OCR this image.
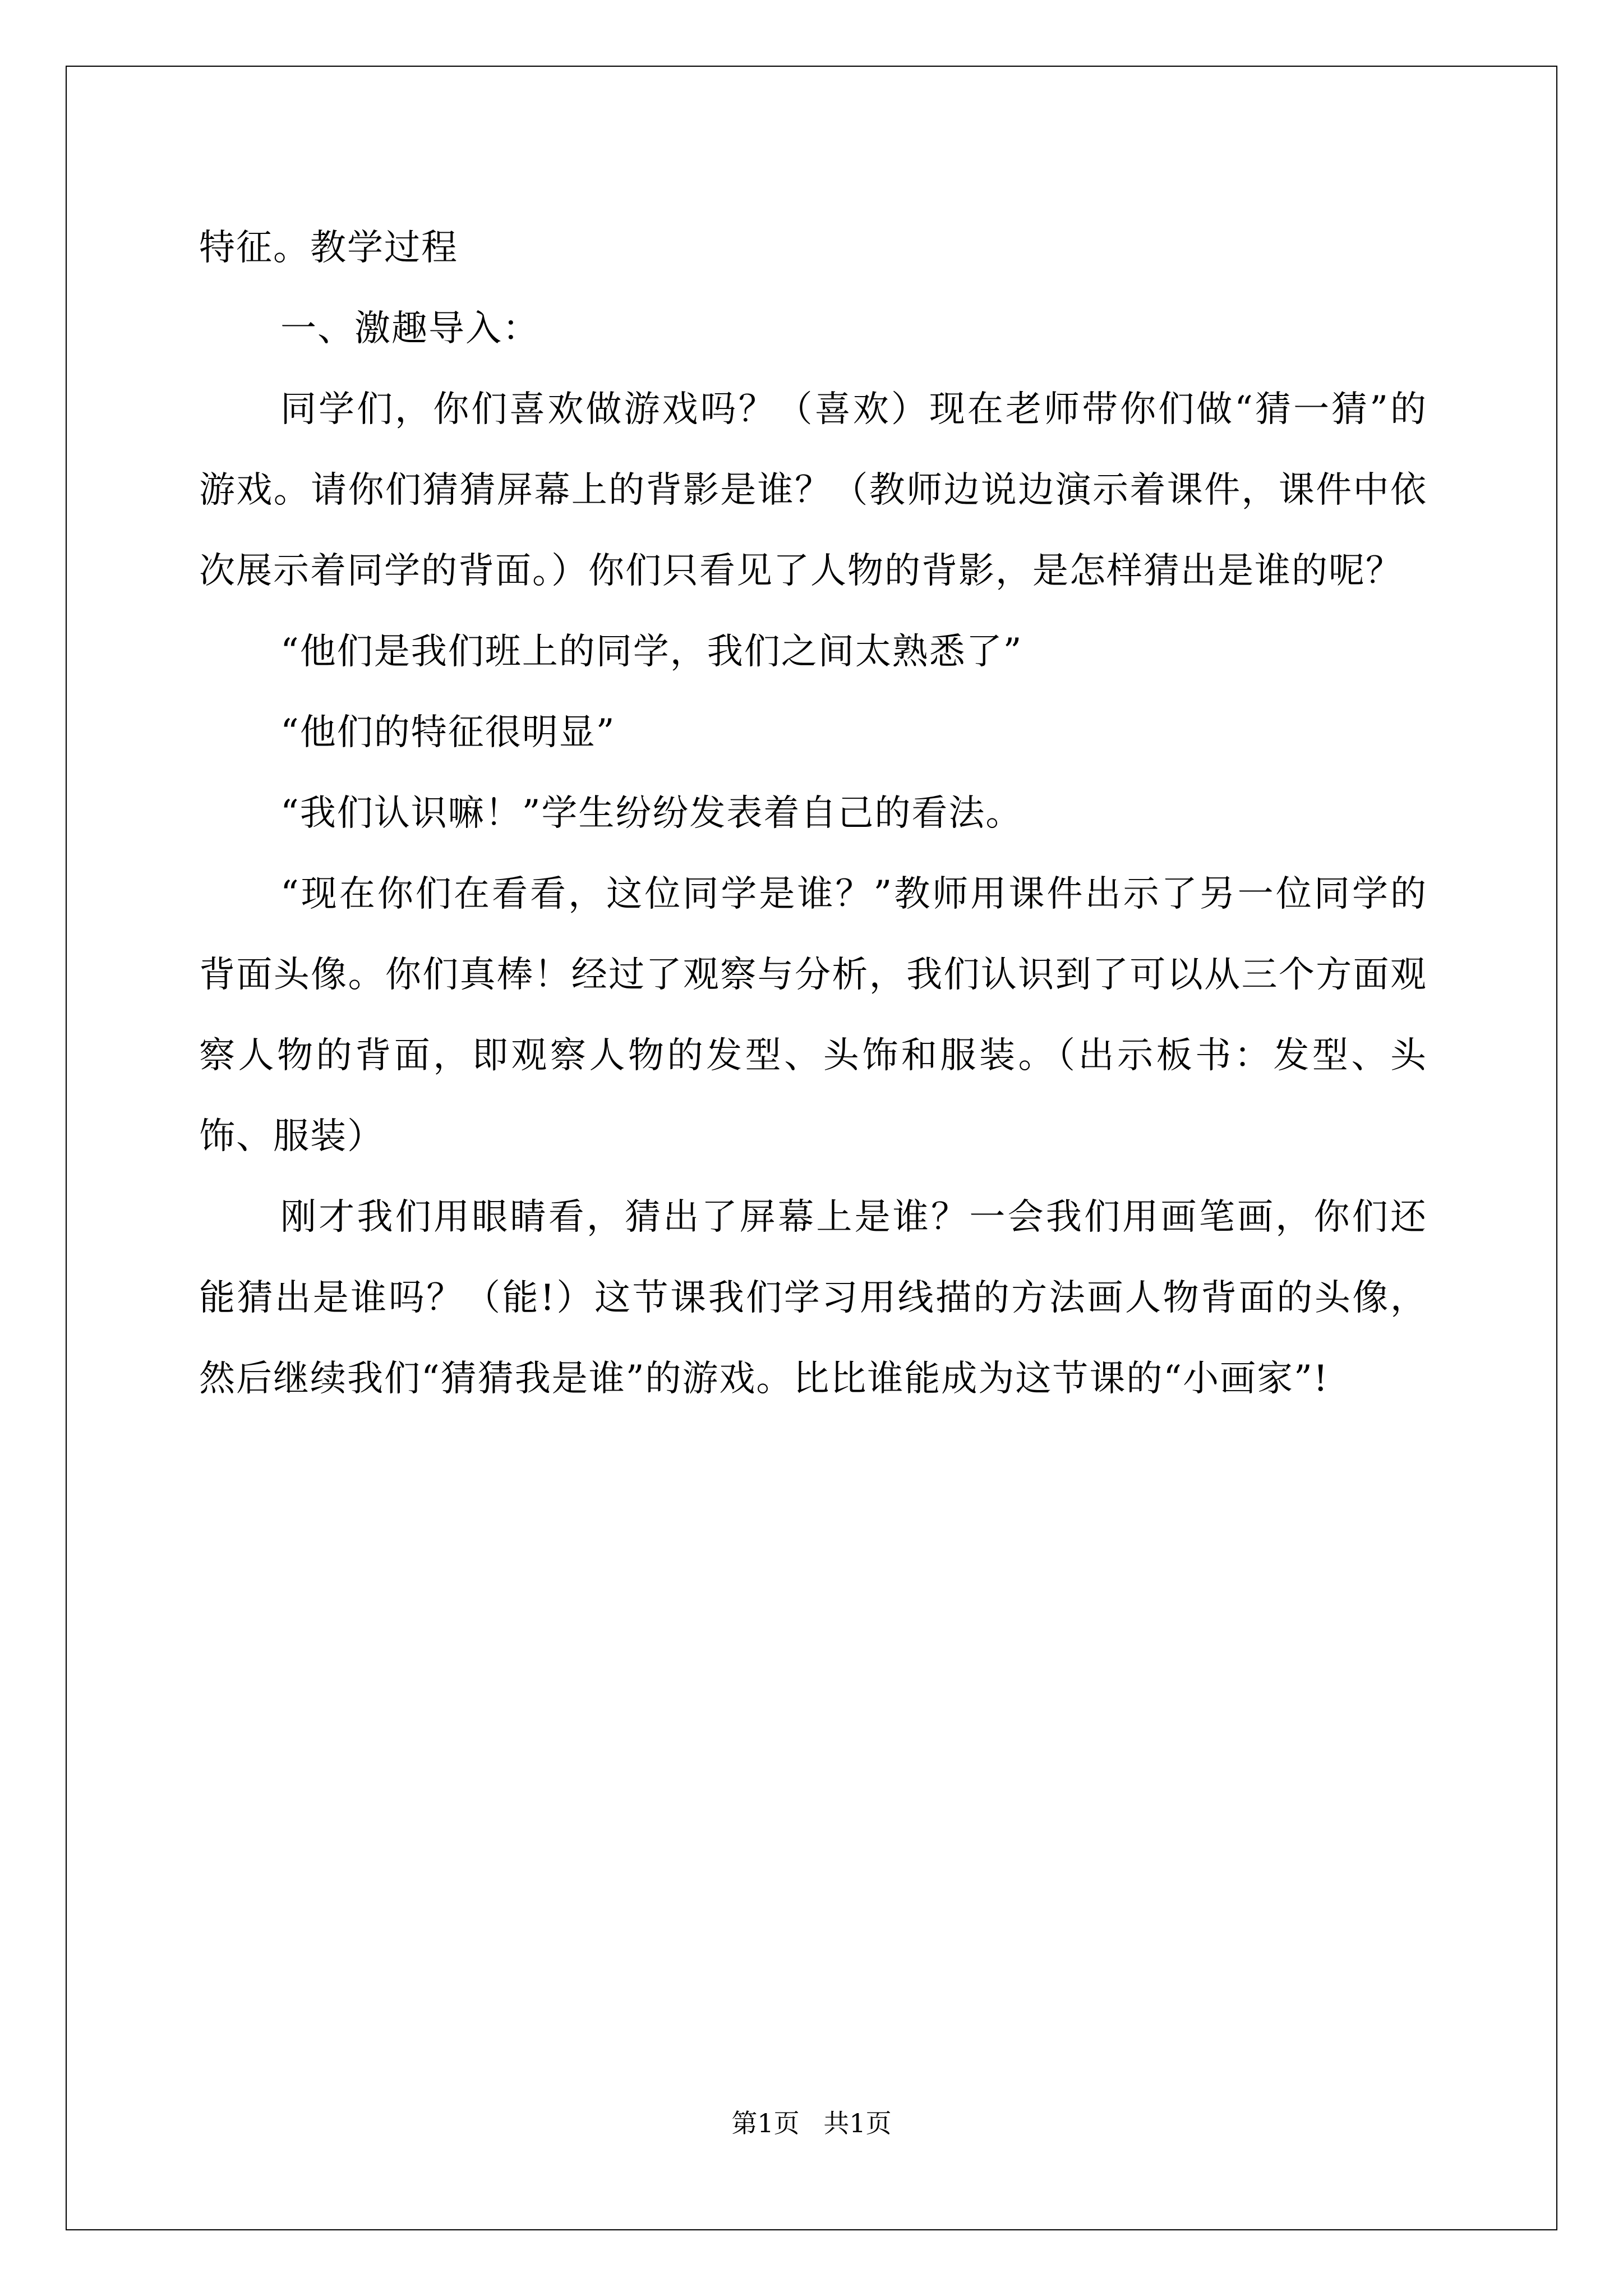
特征。教学过程

一、激趣导入：

同学们，你们喜欢做游戏吗？（喜欢）现在老师带你们做“猜一猜”的游戏。请你们猜猜屏幕上的背影是谁？（教师边说边演示着课件，课件中依次展示着同学的背面。）你们只看见了人物的背影，是怎样猜出是谁的呢？

“他们是我们班上的同学，我们之间太熟悉了”

“他们的特征很明显”

“我们认识嘛！”学生纷纷发表着自己的看法。

“现在你们在看看，这位同学是谁？”教师用课件出示了另一位同学的背面头像。你们真棒！经过了观察与分析，我们认识到了可以从三个方面观察人物的背面，即观察人物的发型、头饰和服装。（出示板书：发型、头饰、服装）

刚才我们用眼睛看，猜出了屏幕上是谁？一会我们用画笔画，你们还能猜出是谁吗？（能!）这节课我们学习用线描的方法画人物背面的头像，然后继续我们“猜猜我是谁”的游戏。比比谁能成为这节课的“小画家”!

第1页 共1页
